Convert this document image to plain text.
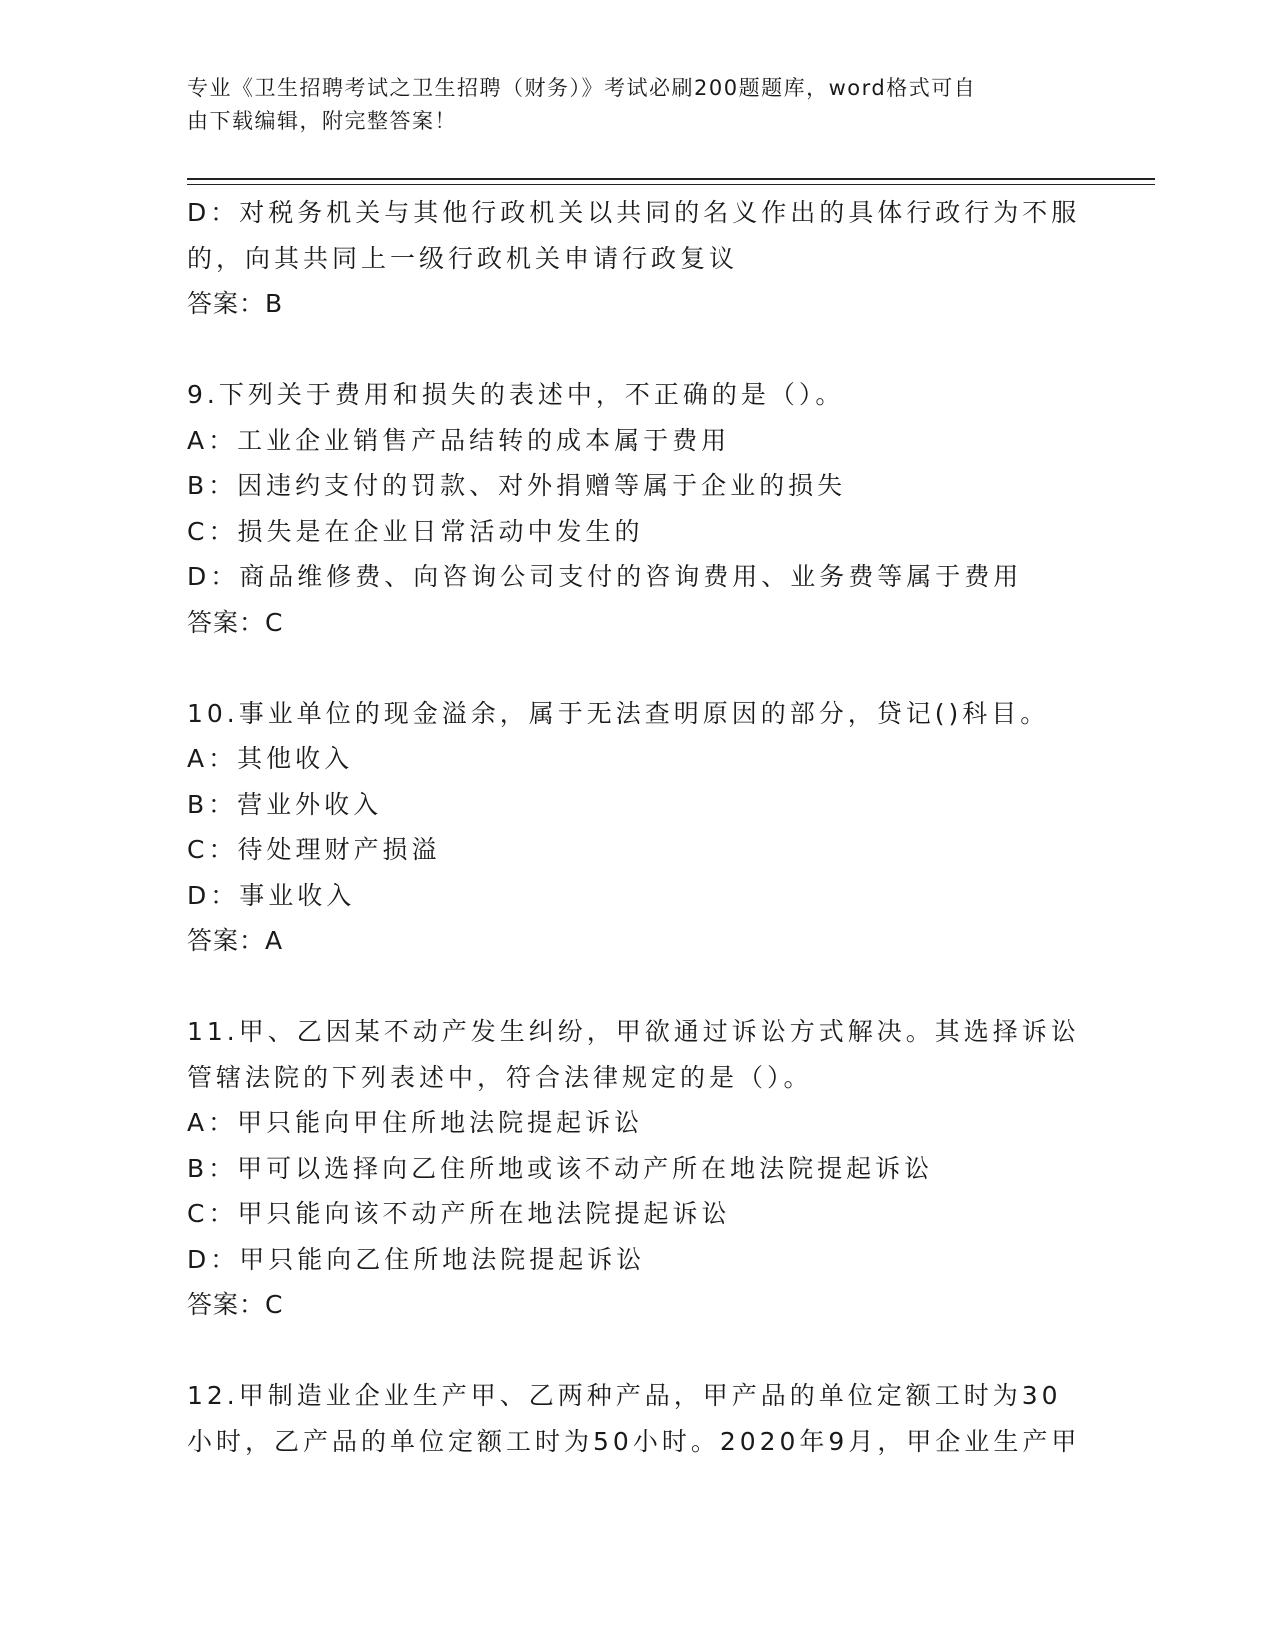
专业《卫生招聘考试之卫生招聘（财务）》考试必刷200题题库，word格式可自
由下载编辑，附完整答案！
D：对税务机关与其他行政机关以共同的名义作出的具体行政行为不服
的，向其共同上一级行政机关申请行政复议
答案：B
9.下列关于费用和损失的表述中，不正确的是（）。
A：工业企业销售产品结转的成本属于费用
B：因违约支付的罚款、对外捐赠等属于企业的损失
C：损失是在企业日常活动中发生的
D：商品维修费、向咨询公司支付的咨询费用、业务费等属于费用
答案：C
10.事业单位的现金溢余，属于无法查明原因的部分，贷记()科目。
A：其他收入
B：营业外收入
C：待处理财产损溢
D：事业收入
答案：A
11.甲、乙因某不动产发生纠纷，甲欲通过诉讼方式解决。其选择诉讼
管辖法院的下列表述中，符合法律规定的是（）。
A：甲只能向甲住所地法院提起诉讼
B：甲可以选择向乙住所地或该不动产所在地法院提起诉讼
C：甲只能向该不动产所在地法院提起诉讼
D：甲只能向乙住所地法院提起诉讼
答案：C
12.甲制造业企业生产甲、乙两种产品，甲产品的单位定额工时为30
小时，乙产品的单位定额工时为50小时。2020年9月，甲企业生产甲
